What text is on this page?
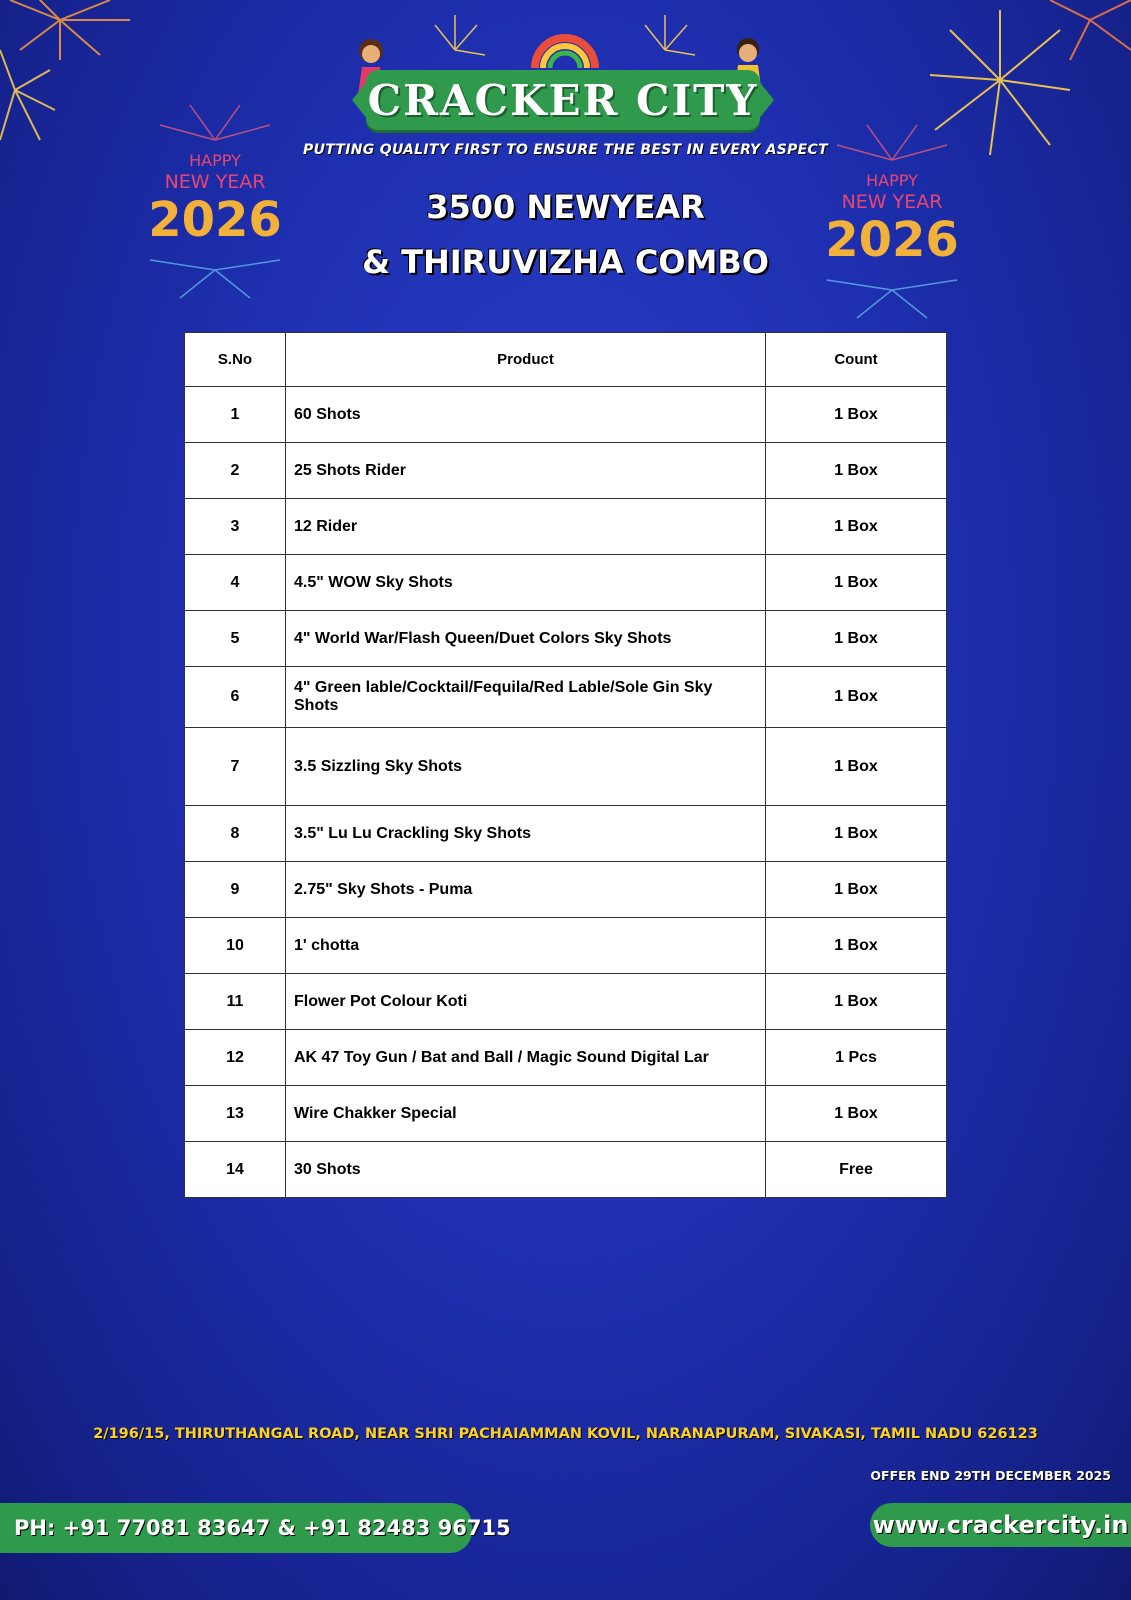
HAPPY
NEW YEAR
2026
HAPPY
NEW YEAR
2026
CRACKER CITY
PUTTING QUALITY FIRST TO ENSURE THE BEST IN EVERY ASPECT
3500 NEWYEAR
& THIRUVIZHA COMBO
S.No	Product	Count
1	60 Shots	1 Box
2	25 Shots Rider	1 Box
3	12 Rider	1 Box
4	4.5" WOW Sky Shots	1 Box
5	4" World War/Flash Queen/Duet Colors Sky Shots	1 Box
6	4" Green lable/Cocktail/Fequila/Red Lable/Sole Gin Sky Shots	1 Box
7	3.5 Sizzling Sky Shots	1 Box
8	3.5" Lu Lu Crackling Sky Shots	1 Box
9	2.75" Sky Shots - Puma	1 Box
10	1' chotta	1 Box
11	Flower Pot Colour Koti	1 Box
12	AK 47 Toy Gun / Bat and Ball / Magic Sound Digital Lar	1 Pcs
13	Wire Chakker Special	1 Box
14	30 Shots	Free
2/196/15, THIRUTHANGAL ROAD, NEAR SHRI PACHAIAMMAN KOVIL, NARANAPURAM, SIVAKASI, TAMIL NADU 626123
OFFER END 29TH DECEMBER 2025
PH: +91 77081 83647 & +91 82483 96715	www.crackercity.in
